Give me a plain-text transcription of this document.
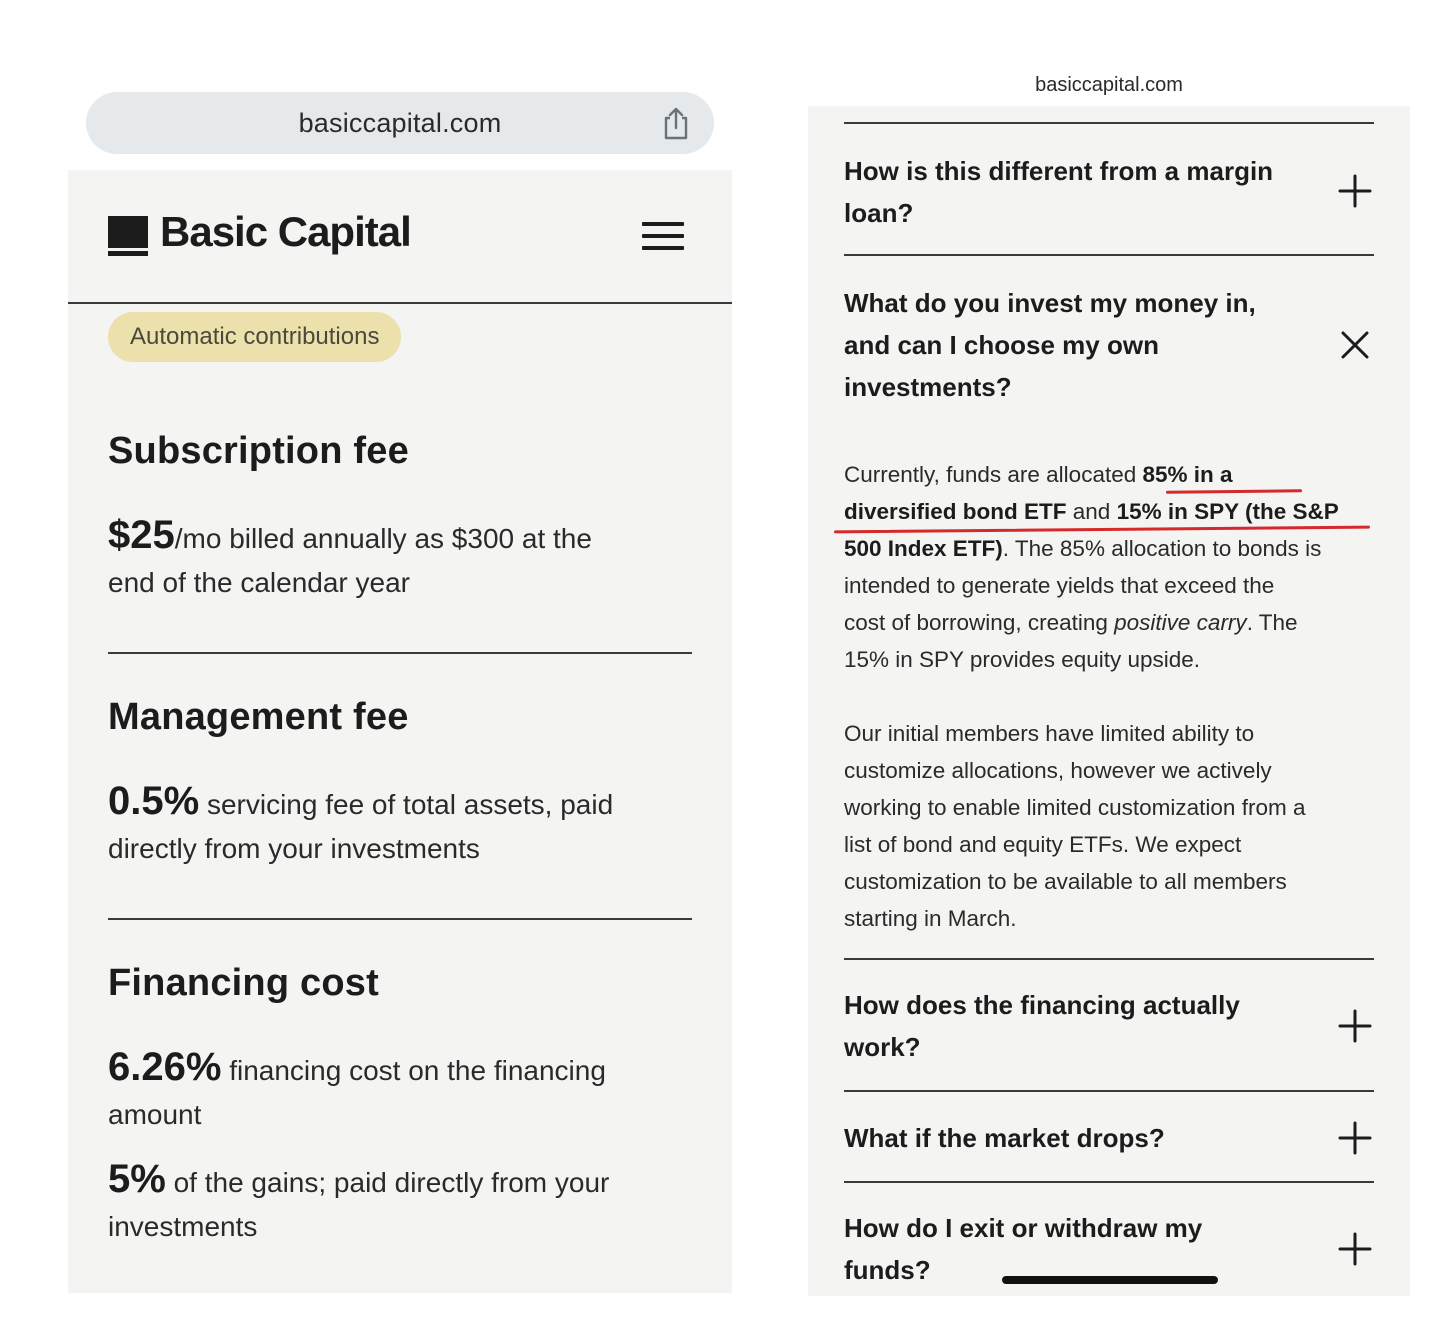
basiccapital.com
Basic Capital
Automatic contributions
Subscription fee
$25/mo billed annually as $300 at the
end of the calendar year
Management fee
0.5% servicing fee of total assets, paid
directly from your investments
Financing cost
6.26% financing cost on the financing
amount
5% of the gains; paid directly from your
investments
basiccapital.com
How is this different from a margin
loan?
What do you invest my money in,
and can I choose my own
investments?
Currently, funds are allocated 85% in a
diversified bond ETF and 15% in SPY (the S&P
500 Index ETF). The 85% allocation to bonds is
intended to generate yields that exceed the
cost of borrowing, creating positive carry. The
15% in SPY provides equity upside.
Our initial members have limited ability to
customize allocations, however we actively
working to enable limited customization from a
list of bond and equity ETFs. We expect
customization to be available to all members
starting in March.
How does the financing actually
work?
What if the market drops?
How do I exit or withdraw my
funds?
